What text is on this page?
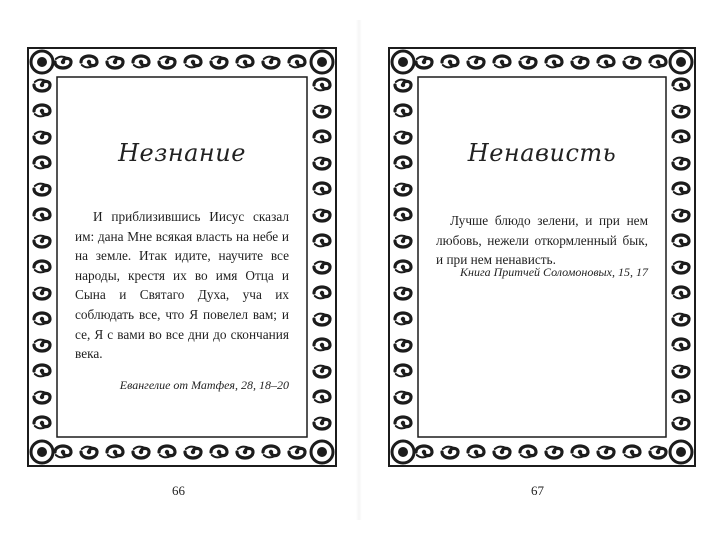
Незнание
И приблизившись Иисус сказал им: дана Мне всякая власть на небе и на земле. Итак идите, научите все народы, крестя их во имя Отца и Сына и Святаго Духа, уча их соблюдать все, что Я повелел вам; и се, Я с вами во все дни до скончания века.
Евангелие от Матфея, 28, 18–20
66
Ненависть
Лучше блюдо зелени, и при нем любовь, нежели откормленный бык, и при нем ненависть.
Книга Притчей Соломоновых, 15, 17
67
